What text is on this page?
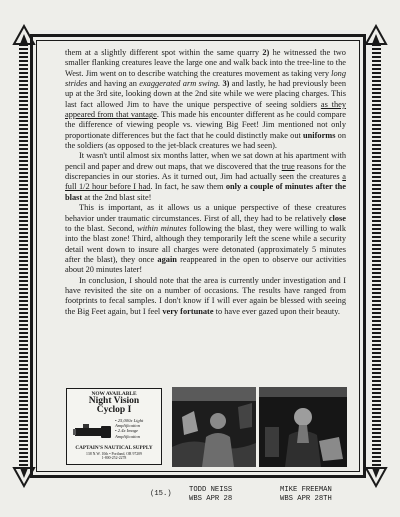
them at a slightly different spot within the same quarry 2) he witnessed the two smaller flanking creatures leave the large one and walk back into the tree-line to the West. Jim went on to describe watching the creatures movement as taking very long strides and having an exaggerated arm swing. 3) and lastly, he had previously been up at the 3rd site, looking down at the 2nd site while we were placing charges. This last fact allowed Jim to have the unique perspective of seeing soldiers as they appeared from that vantage. This made his encounter different as he could compare the difference of viewing people vs. viewing Big Feet! Jim mentioned not only proportionate differences but the fact that he could distinctly make out uniforms on the soldiers (as opposed to the jet-black creatures we had seen).

It wasn't until almost six months latter, when we sat down at his apartment with pencil and paper and drew out maps, that we discovered that the true reasons for the discrepancies in our stories. As it turned out, Jim had actually seen the creatures a full 1/2 hour before I had. In fact, he saw them only a couple of minutes after the blast at the 2nd blast site!

This is important, as it allows us a unique perspective of these creatures behavior under traumatic circumstances. First of all, they had to be relatively close to the blast. Second, within minutes following the blast, they were willing to walk into the blast zone! Third, although they temporarily left the scene while a security detail went down to insure all charges were detonated (approximately 5 minutes after the blast), they once again reappeared in the open to observe our activities about 20 minutes later!

In conclusion, I should note that the area is currently under investigation and I have revisited the site on a number of occasions. The results have ranged from footprints to fecal samples. I don't know if I will ever again be blessed with seeing the Big Feet again, but I feel very fortunate to have ever gazed upon their beauty.

NOW AVAILABLE
Night Vision
Cyclop I
• 25,000x Light
Amplification
• 2.4x Image
Amplification
CAPTAIN'S NAUTICAL SUPPLY
138 N.W. 10th • Portland, OR 97209
1-800-252-2278
(15.) TODD NEISS
WBS APR 28
MIKE FREEMAN
WBS APR 28TH
